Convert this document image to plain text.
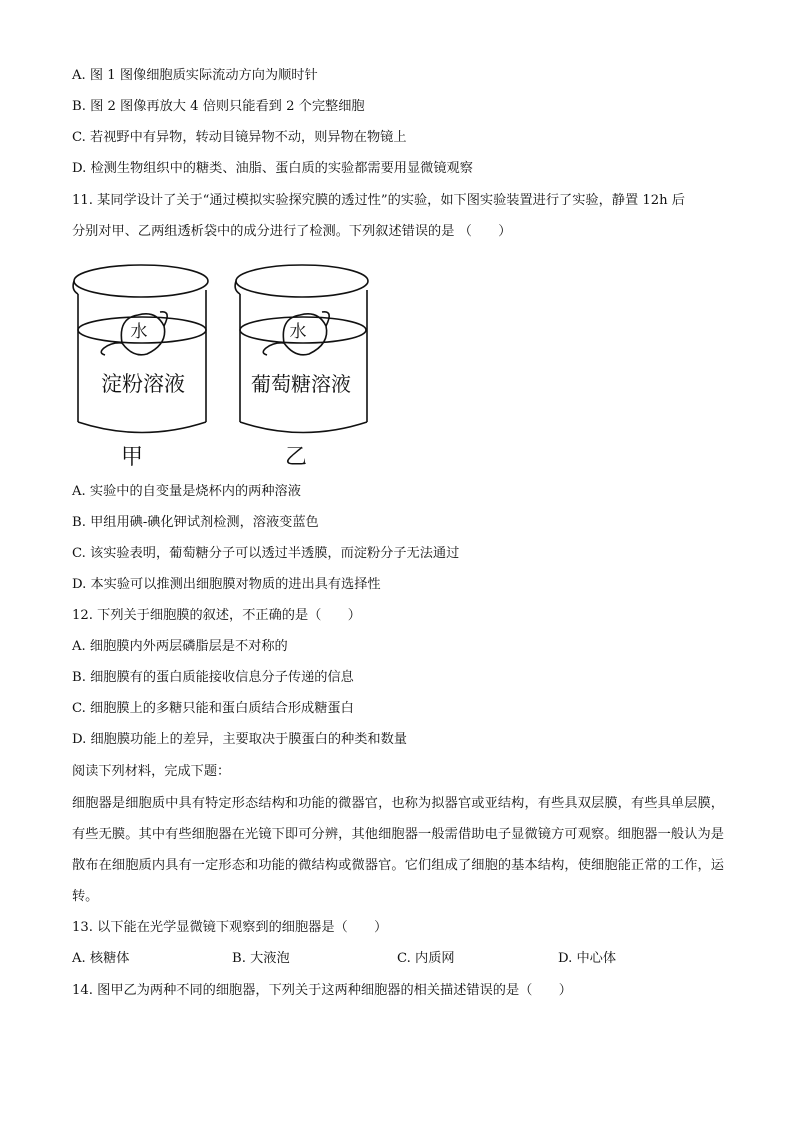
A. 图 1 图像细胞质实际流动方向为顺时针
B. 图 2 图像再放大 4 倍则只能看到 2 个完整细胞
C. 若视野中有异物，转动目镜异物不动，则异物在物镜上
D. 检测生物组织中的糖类、油脂、蛋白质的实验都需要用显微镜观察
11. 某同学设计了关于“通过模拟实验探究膜的透过性”的实验，如下图实验装置进行了实验，静置 12h 后
分别对甲、乙两组透析袋中的成分进行了检测。下列叙述错误的是 （　　）
水
淀粉溶液
甲
水
葡萄糖溶液
乙
A. 实验中的自变量是烧杯内的两种溶液
B. 甲组用碘-碘化钾试剂检测，溶液变蓝色
C. 该实验表明，葡萄糖分子可以透过半透膜，而淀粉分子无法通过
D. 本实验可以推测出细胞膜对物质的进出具有选择性
12. 下列关于细胞膜的叙述，不正确的是（　　）
A. 细胞膜内外两层磷脂层是不对称的
B. 细胞膜有的蛋白质能接收信息分子传递的信息
C. 细胞膜上的多糖只能和蛋白质结合形成糖蛋白
D. 细胞膜功能上的差异，主要取决于膜蛋白的种类和数量
阅读下列材料，完成下题：
细胞器是细胞质中具有特定形态结构和功能的微器官，也称为拟器官或亚结构，有些具双层膜，有些具单层膜，有些无膜。其中有些细胞器在光镜下即可分辨，其他细胞器一般需借助电子显微镜方可观察。细胞器一般认为是散布在细胞质内具有一定形态和功能的微结构或微器官。它们组成了细胞的基本结构，使细胞能正常的工作，运转。
13. 以下能在光学显微镜下观察到的细胞器是（　　）
A. 核糖体	B. 大液泡	C. 内质网	D. 中心体
14. 图甲乙为两种不同的细胞器，下列关于这两种细胞器的相关描述错误的是（　　）
